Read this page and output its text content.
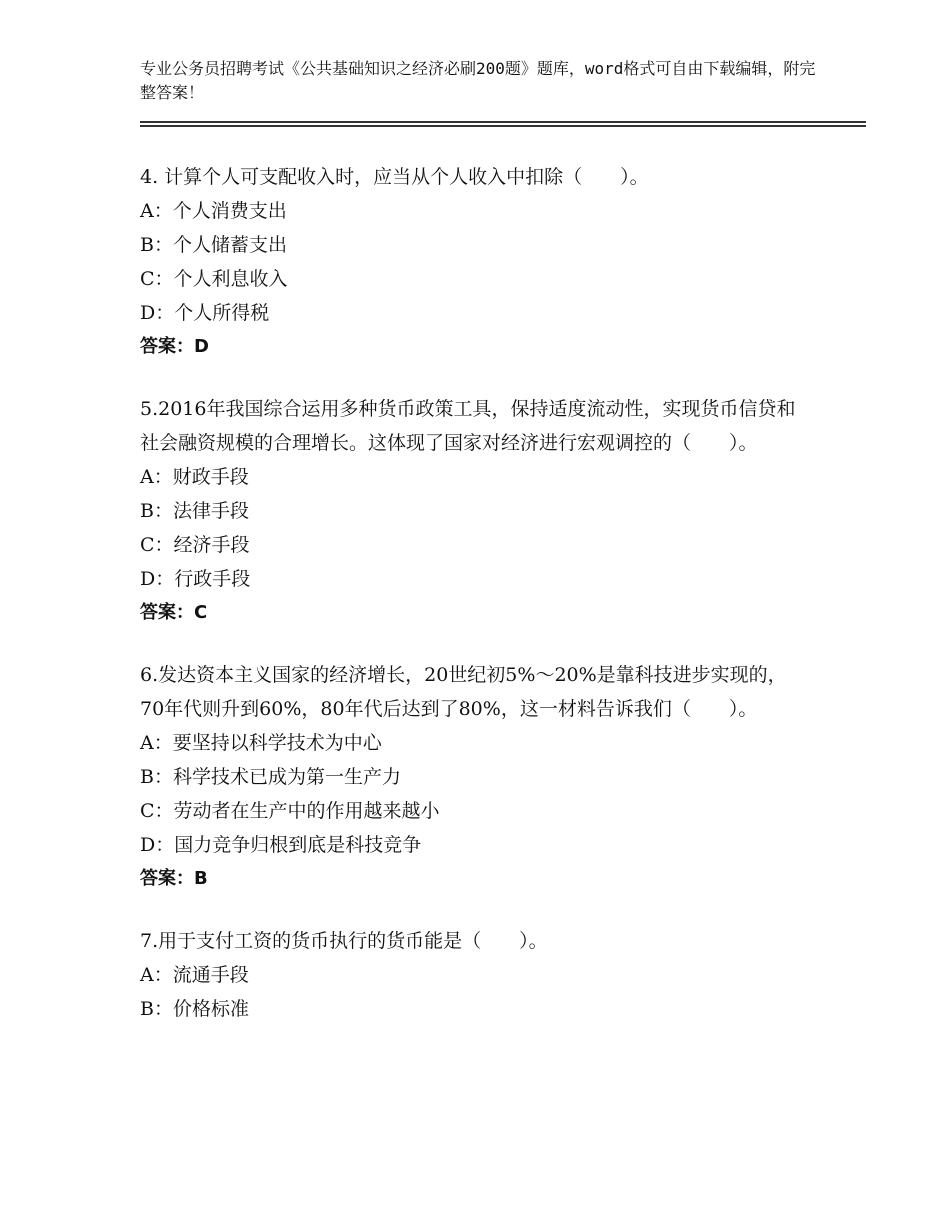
专业公务员招聘考试《公共基础知识之经济必刷200题》题库，word格式可自由下载编辑，附完整答案！

4. 计算个人可支配收入时，应当从个人收入中扣除（　　）。

A：个人消费支出

B：个人储蓄支出

C：个人利息收入

D：个人所得税

答案：D

5.2016年我国综合运用多种货币政策工具，保持适度流动性，实现货币信贷和社会融资规模的合理增长。这体现了国家对经济进行宏观调控的（　　）。

A：财政手段

B：法律手段

C：经济手段

D：行政手段

答案：C

6.发达资本主义国家的经济增长，20世纪初5%～20%是靠科技进步实现的，70年代则升到60%，80年代后达到了80%，这一材料告诉我们（　　）。

A：要坚持以科学技术为中心

B：科学技术已成为第一生产力

C：劳动者在生产中的作用越来越小

D：国力竞争归根到底是科技竞争

答案：B

7.用于支付工资的货币执行的货币能是（　　）。

A：流通手段

B：价格标准
